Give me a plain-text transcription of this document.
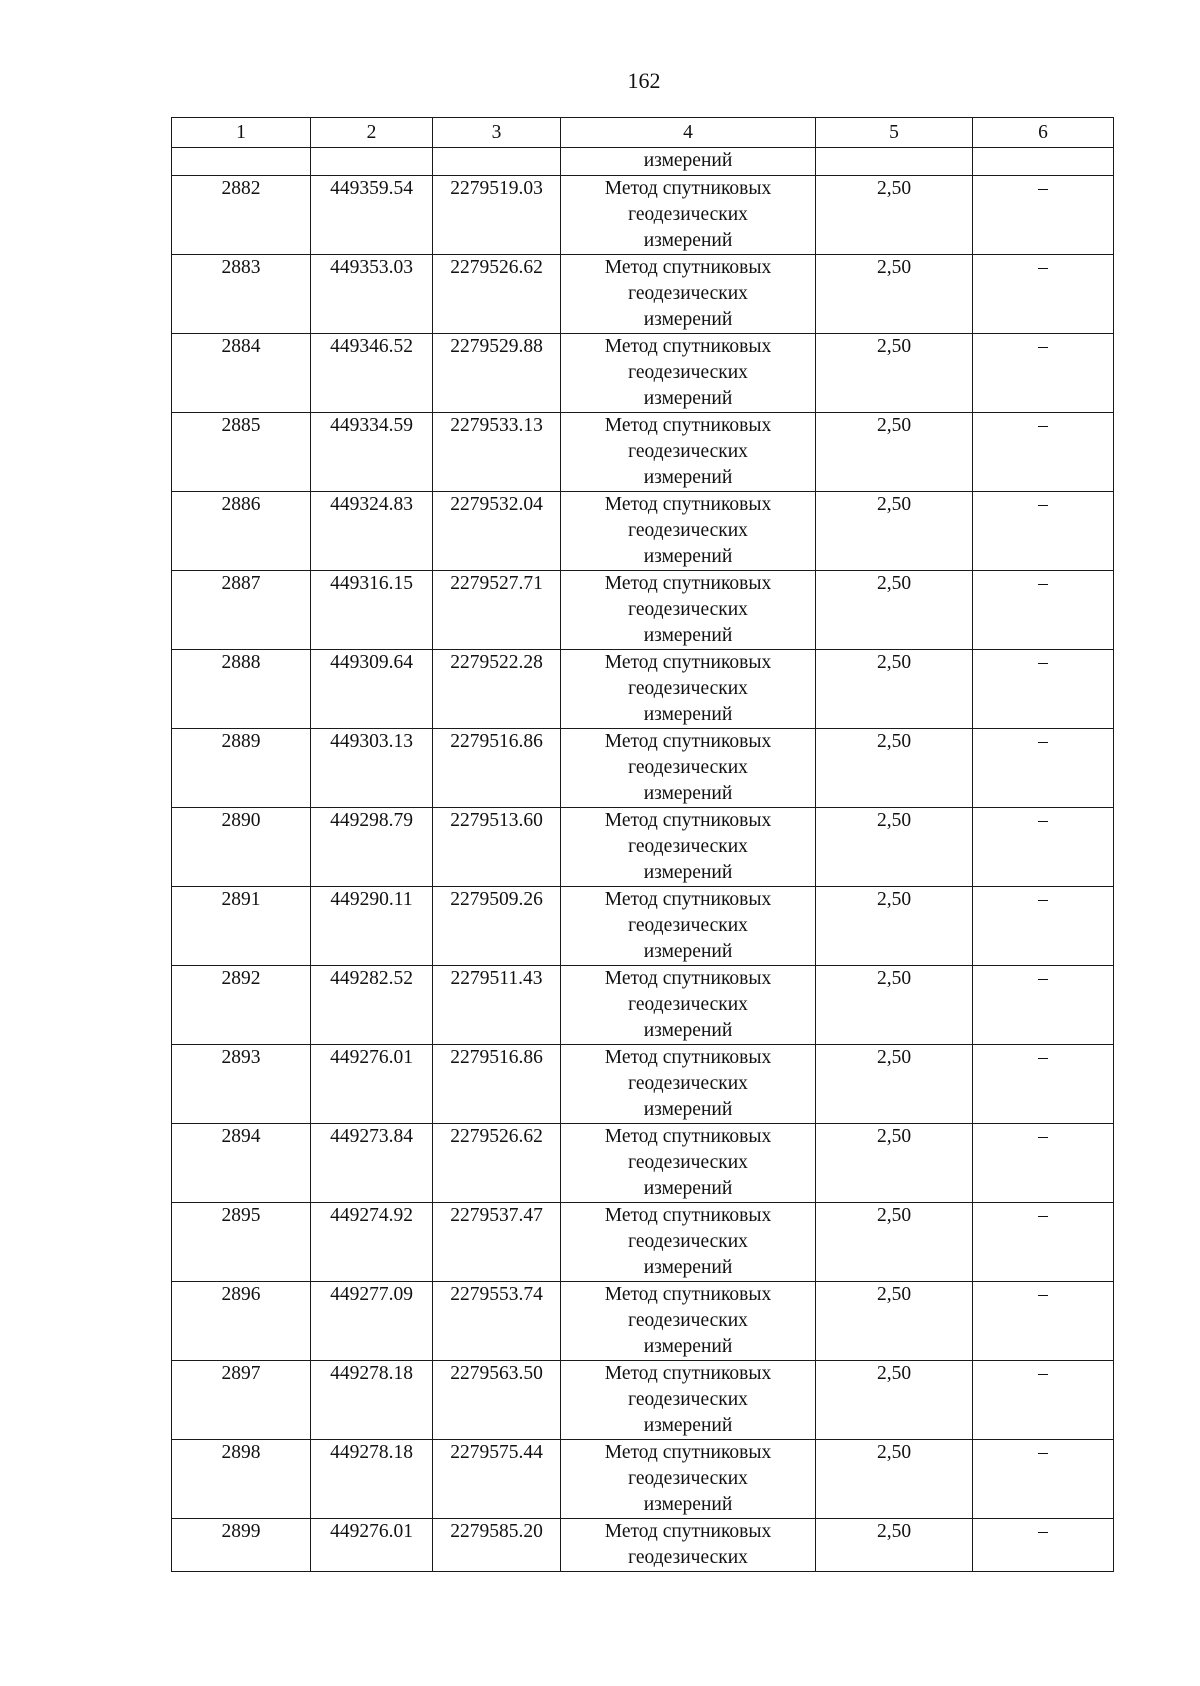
162
1	2	3	4	5	6
			измерений		
2882	449359.54	2279519.03	Метод спутниковых
геодезических
измерений	2,50	–
2883	449353.03	2279526.62	Метод спутниковых
геодезических
измерений	2,50	–
2884	449346.52	2279529.88	Метод спутниковых
геодезических
измерений	2,50	–
2885	449334.59	2279533.13	Метод спутниковых
геодезических
измерений	2,50	–
2886	449324.83	2279532.04	Метод спутниковых
геодезических
измерений	2,50	–
2887	449316.15	2279527.71	Метод спутниковых
геодезических
измерений	2,50	–
2888	449309.64	2279522.28	Метод спутниковых
геодезических
измерений	2,50	–
2889	449303.13	2279516.86	Метод спутниковых
геодезических
измерений	2,50	–
2890	449298.79	2279513.60	Метод спутниковых
геодезических
измерений	2,50	–
2891	449290.11	2279509.26	Метод спутниковых
геодезических
измерений	2,50	–
2892	449282.52	2279511.43	Метод спутниковых
геодезических
измерений	2,50	–
2893	449276.01	2279516.86	Метод спутниковых
геодезических
измерений	2,50	–
2894	449273.84	2279526.62	Метод спутниковых
геодезических
измерений	2,50	–
2895	449274.92	2279537.47	Метод спутниковых
геодезических
измерений	2,50	–
2896	449277.09	2279553.74	Метод спутниковых
геодезических
измерений	2,50	–
2897	449278.18	2279563.50	Метод спутниковых
геодезических
измерений	2,50	–
2898	449278.18	2279575.44	Метод спутниковых
геодезических
измерений	2,50	–
2899	449276.01	2279585.20	Метод спутниковых
геодезических	2,50	–
